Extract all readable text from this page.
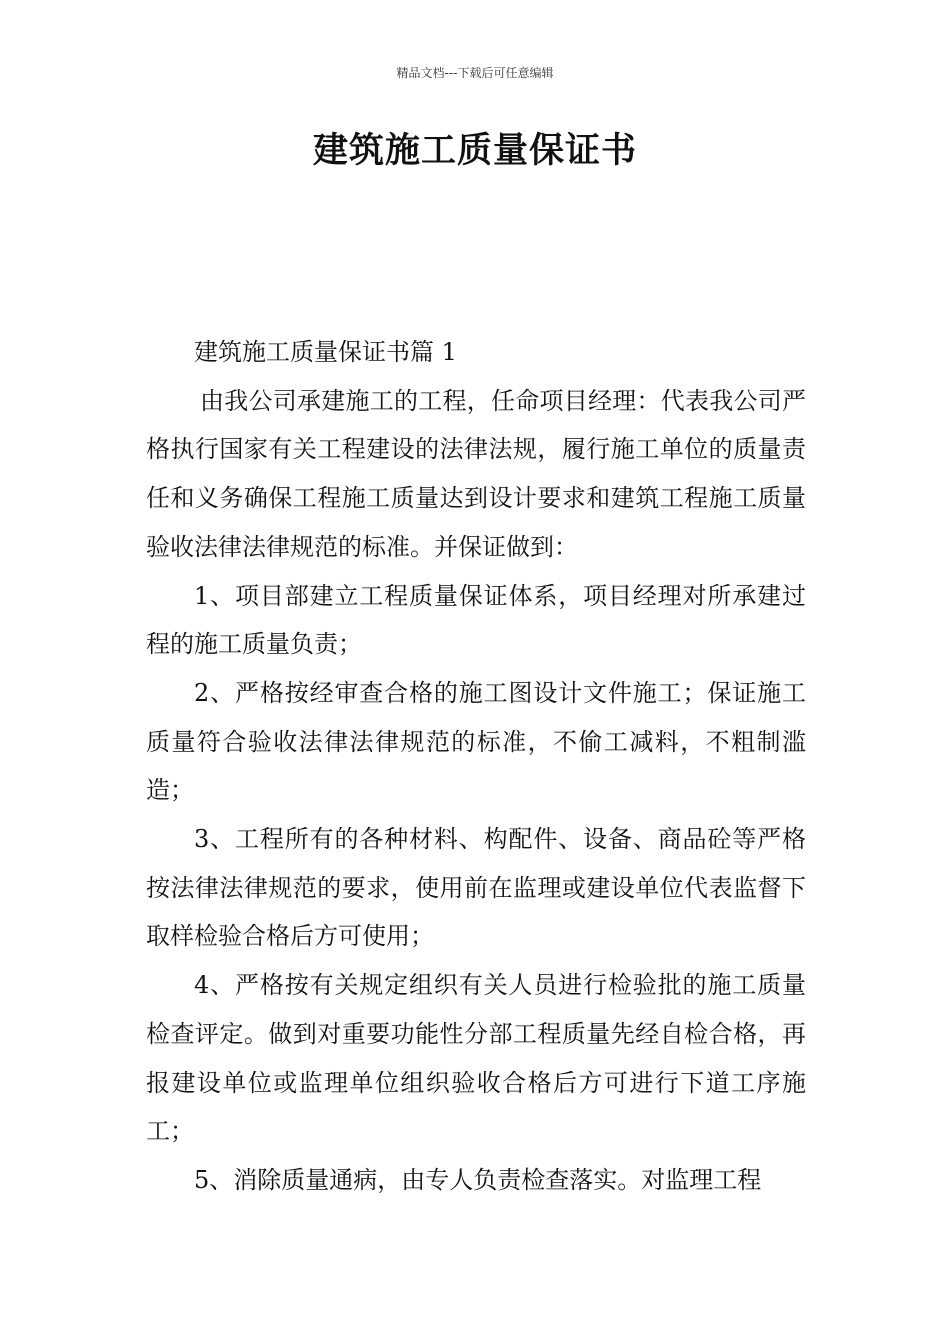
精品文档---下载后可任意编辑
建筑施工质量保证书

建筑施工质量保证书篇 1

由我公司承建施工的工程，任命项目经理：代表我公司严格执行国家有关工程建设的法律法规，履行施工单位的质量责任和义务确保工程施工质量达到设计要求和建筑工程施工质量验收法律法律规范的标准。并保证做到：

1、项目部建立工程质量保证体系，项目经理对所承建过程的施工质量负责；

2、严格按经审查合格的施工图设计文件施工；保证施工质量符合验收法律法律规范的标准，不偷工减料，不粗制滥造；

3、工程所有的各种材料、构配件、设备、商品砼等严格按法律法律规范的要求，使用前在监理或建设单位代表监督下取样检验合格后方可使用；

4、严格按有关规定组织有关人员进行检验批的施工质量检查评定。做到对重要功能性分部工程质量先经自检合格，再报建设单位或监理单位组织验收合格后方可进行下道工序施工；

5、消除质量通病，由专人负责检查落实。对监理工程
